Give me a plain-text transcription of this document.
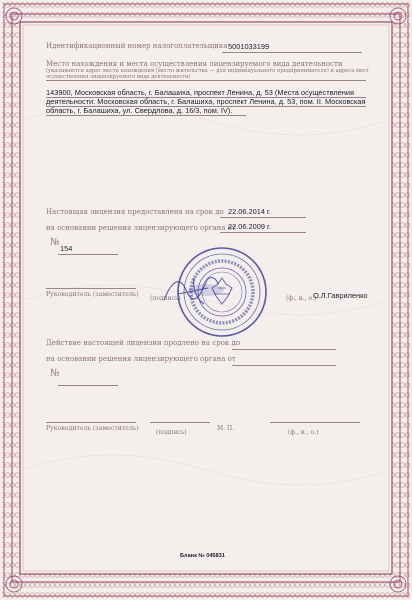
Идентификационный номер налогоплательщика 5001033199
Место нахождения и места осуществления лицензируемого вида деятельности
(указываются адрес места нахождения (место жительства — для индивидуального предпринимателя) и адреса мест осуществления лицензируемого вида деятельности)
143900, Московская область, г. Балашиха, проспект Ленина, д. 53 (Места осуществления деятельности: Московская область, г. Балашиха, проспект Ленина, д. 53, пом. II. Московская область, г. Балашиха, ул. Свердлова, д. 16/3, пом. IV).
Настоящая лицензия предоставлена на срок до 22.06.2014 г.
на основании решения лицензирующего органа от
22.06.2009 г.
№
154
Руководитель (заместитель)
(подпись)	(ф., и., о.)
О.Л.Гавриленко
Действие настоящей лицензии продлено на срок до
на основании решения лицензирующего органа от
№
Руководитель (заместитель)
(подпись)
М. П.
(ф., и., о.)
Бланк № 045831
